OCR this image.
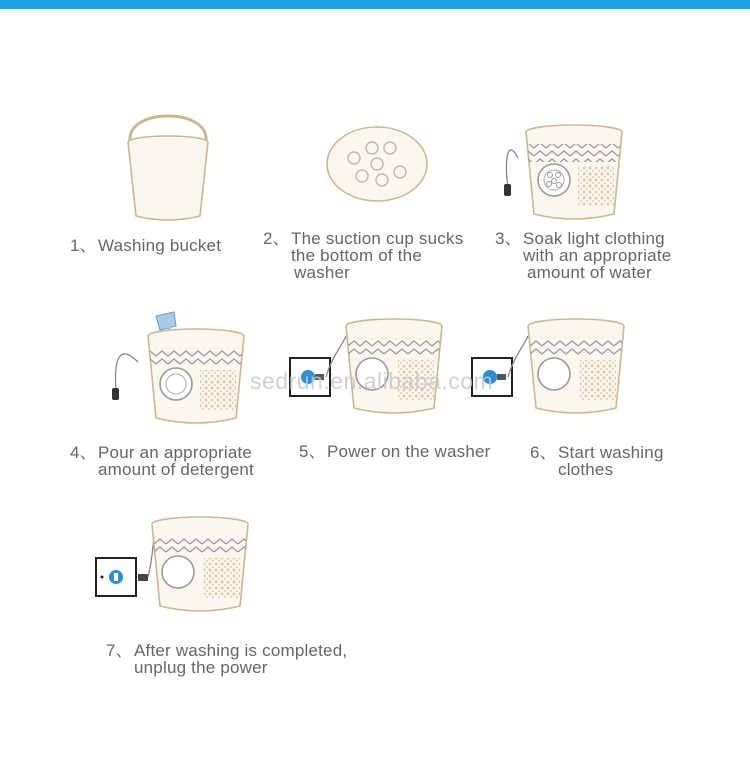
sedrun.en.alibaba.com
1、 Washing bucket 2、 The suction cup sucks
the bottom of the
washer
3、 Soak light clothing
with an appropriate
amount of water
4、 Pour an appropriate
amount of detergent
5、 Power on the washer 6、 Start washing
clothes
7、 After washing is completed,
unplug the power
